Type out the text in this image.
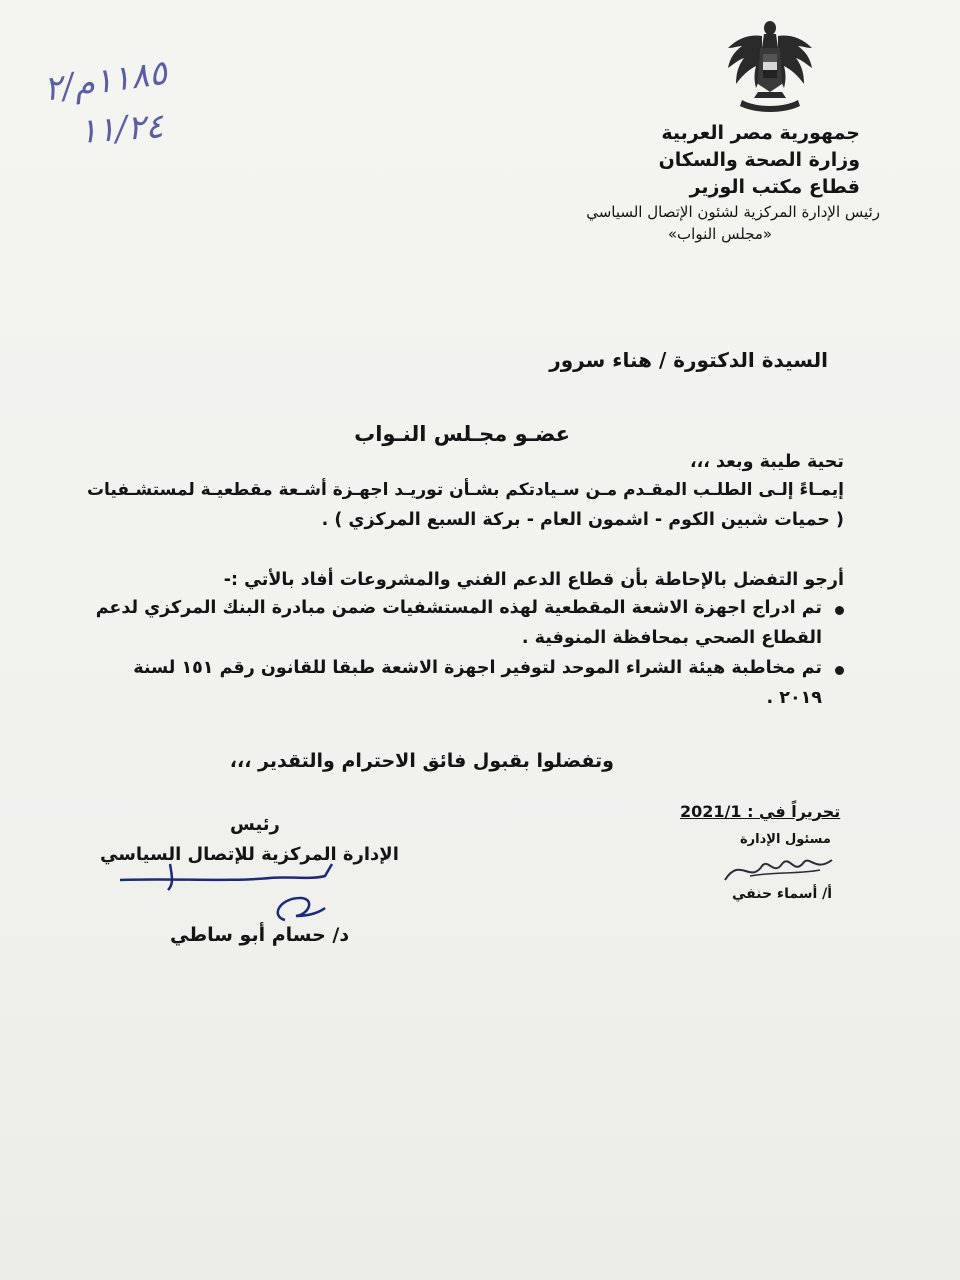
١١٨٥م/٢
١١/٢٤	جمهورية مصر العربية
وزارة الصحة والسكان
قطاع مكتب الوزير
رئيس الإدارة المركزية لشئون الإتصال السياسي
«مجلس النواب»
السيدة الدكتورة / هناء سرور
عضـو مجـلس النـواب
تحية طيبة وبعد ،،،
إيمـاءً إلـى الطلـب المقـدم مـن سـيادتكم بشـأن توريـد اجهـزة أشـعة مقطعيـة لمستشـفيات
( حميات شبين الكوم - اشمون العام - بركة السبع المركزي ) .
أرجو التفضل بالإحاطة بأن قطاع الدعم الفني والمشروعات أفاد بالأتي :-
تم ادراج اجهزة الاشعة المقطعية لهذه المستشفيات ضمن مبادرة البنك المركزي لدعم
القطاع الصحي بمحافظة المنوفية .
تم مخاطبة هيئة الشراء الموحد لتوفير اجهزة الاشعة طبقا للقانون رقم ١٥١ لسنة
٢٠١٩ .
وتفضلوا بقبول فائق الاحترام والتقدير ،،،
تحريراً في : 2021/1
مسئول الإدارة
أ/ أسماء حنفي
رئيس
الإدارة المركزية للإتصال السياسي
د/ حسام أبو ساطي
